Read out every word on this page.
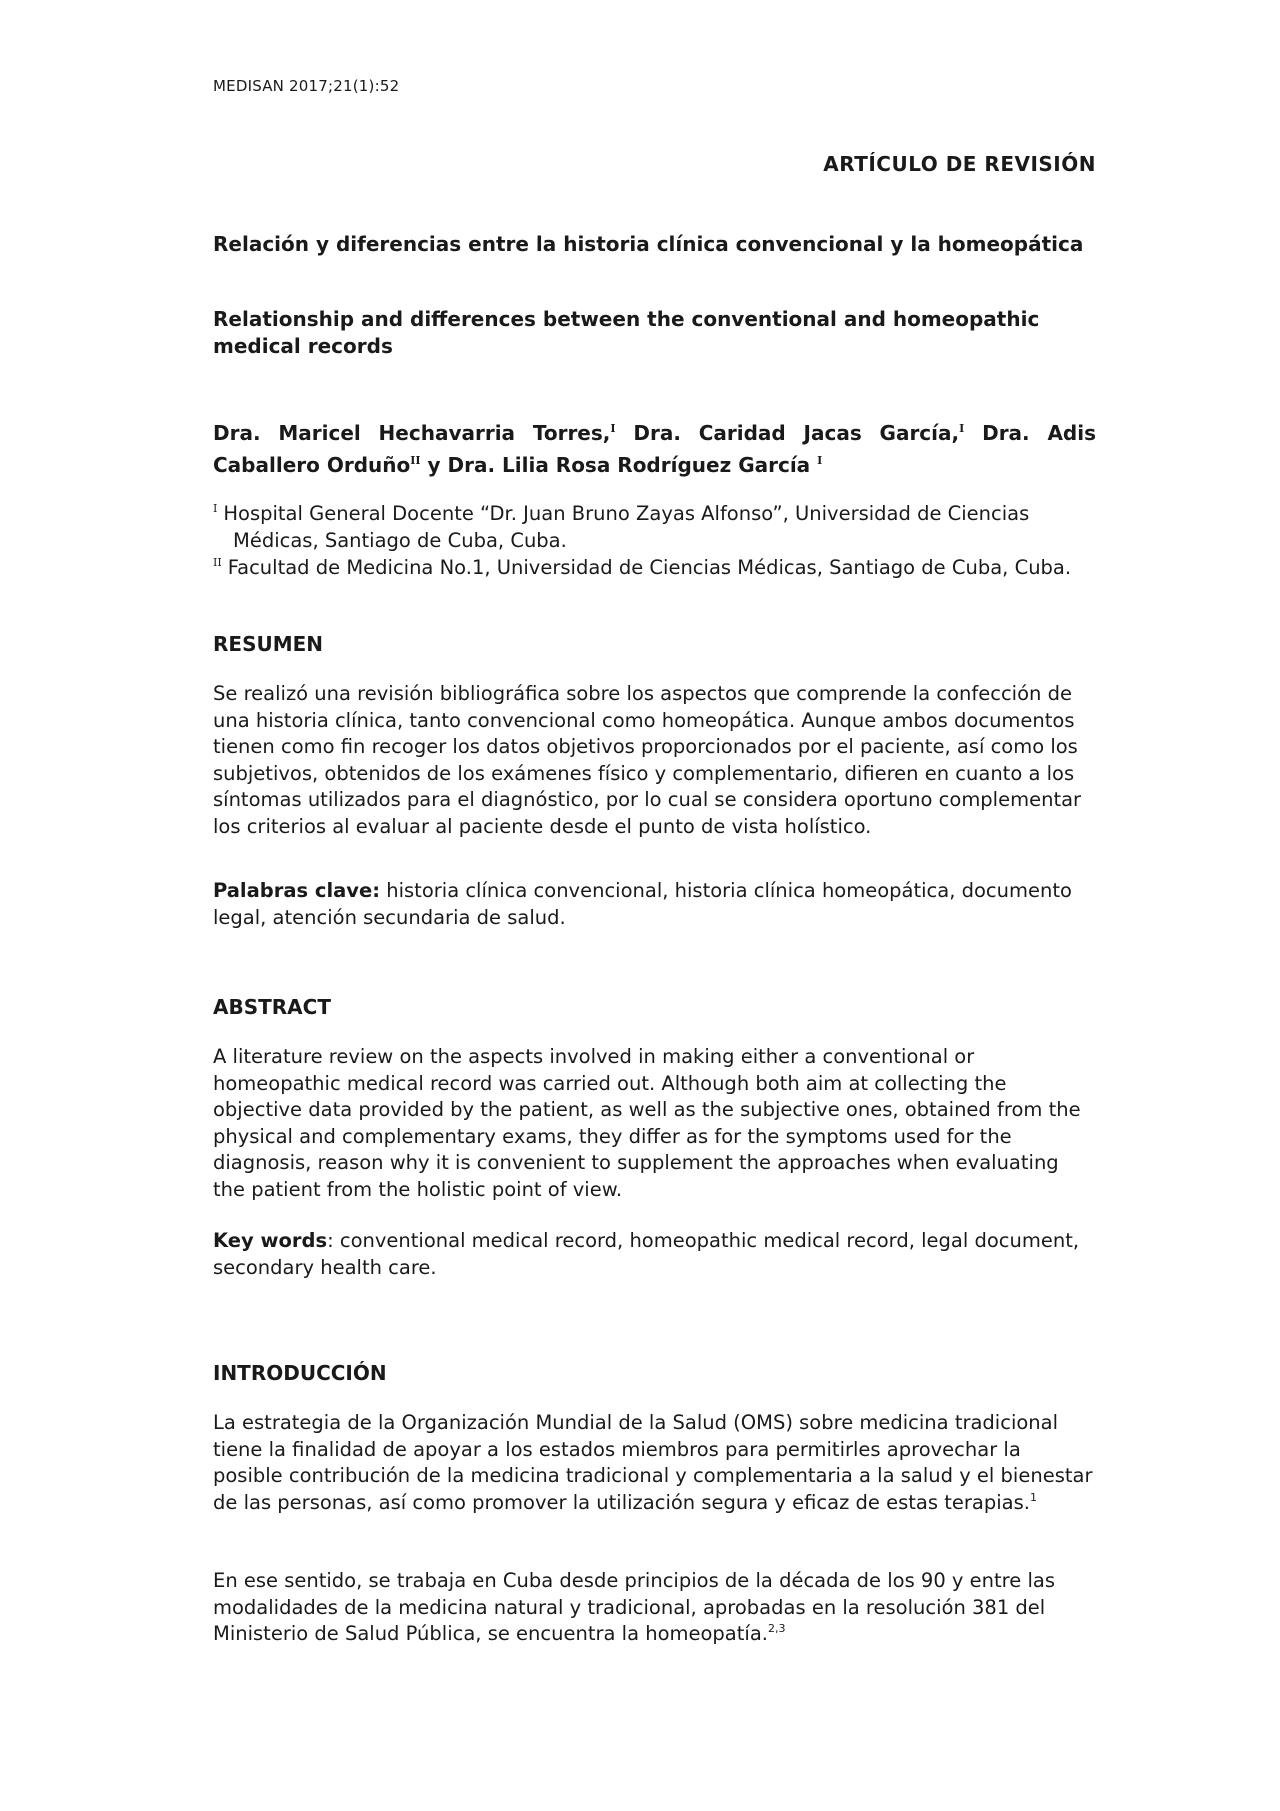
MEDISAN 2017;21(1):52
ARTÍCULO DE REVISIÓN
Relación y diferencias entre la historia clínica convencional y la homeopática
Relationship and differences between the conventional and homeopathic medical records

Dra. Maricel Hechavarria Torres,$^I$ Dra. Caridad Jacas García,$^I$ Dra. Adis Caballero Orduño$^{II}$ y Dra. Lilia Rosa Rodríguez García $^I$

$^I$ Hospital General Docente “Dr. Juan Bruno Zayas Alfonso”, Universidad de Ciencias Médicas, Santiago de Cuba, Cuba.

$^{II}$ Facultad de Medicina No.1, Universidad de Ciencias Médicas, Santiago de Cuba, Cuba.

RESUMEN

Se realizó una revisión bibliográfica sobre los aspectos que comprende la confección de una historia clínica, tanto convencional como homeopática. Aunque ambos documentos tienen como fin recoger los datos objetivos proporcionados por el paciente, así como los subjetivos, obtenidos de los exámenes físico y complementario, difieren en cuanto a los síntomas utilizados para el diagnóstico, por lo cual se considera oportuno complementar los criterios al evaluar al paciente desde el punto de vista holístico.

Palabras clave: historia clínica convencional, historia clínica homeopática, documento legal, atención secundaria de salud.

ABSTRACT

A literature review on the aspects involved in making either a conventional or homeopathic medical record was carried out. Although both aim at collecting the objective data provided by the patient, as well as the subjective ones, obtained from the physical and complementary exams, they differ as for the symptoms used for the diagnosis, reason why it is convenient to supplement the approaches when evaluating the patient from the holistic point of view.

Key words: conventional medical record, homeopathic medical record, legal document, secondary health care.

INTRODUCCIÓN

La estrategia de la Organización Mundial de la Salud (OMS) sobre medicina tradicional tiene la finalidad de apoyar a los estados miembros para permitirles aprovechar la posible contribución de la medicina tradicional y complementaria a la salud y el bienestar de las personas, así como promover la utilización segura y eficaz de estas terapias.$^1$

En ese sentido, se trabaja en Cuba desde principios de la década de los 90 y entre las modalidades de la medicina natural y tradicional, aprobadas en la resolución 381 del Ministerio de Salud Pública, se encuentra la homeopatía.$^{2,3}$
